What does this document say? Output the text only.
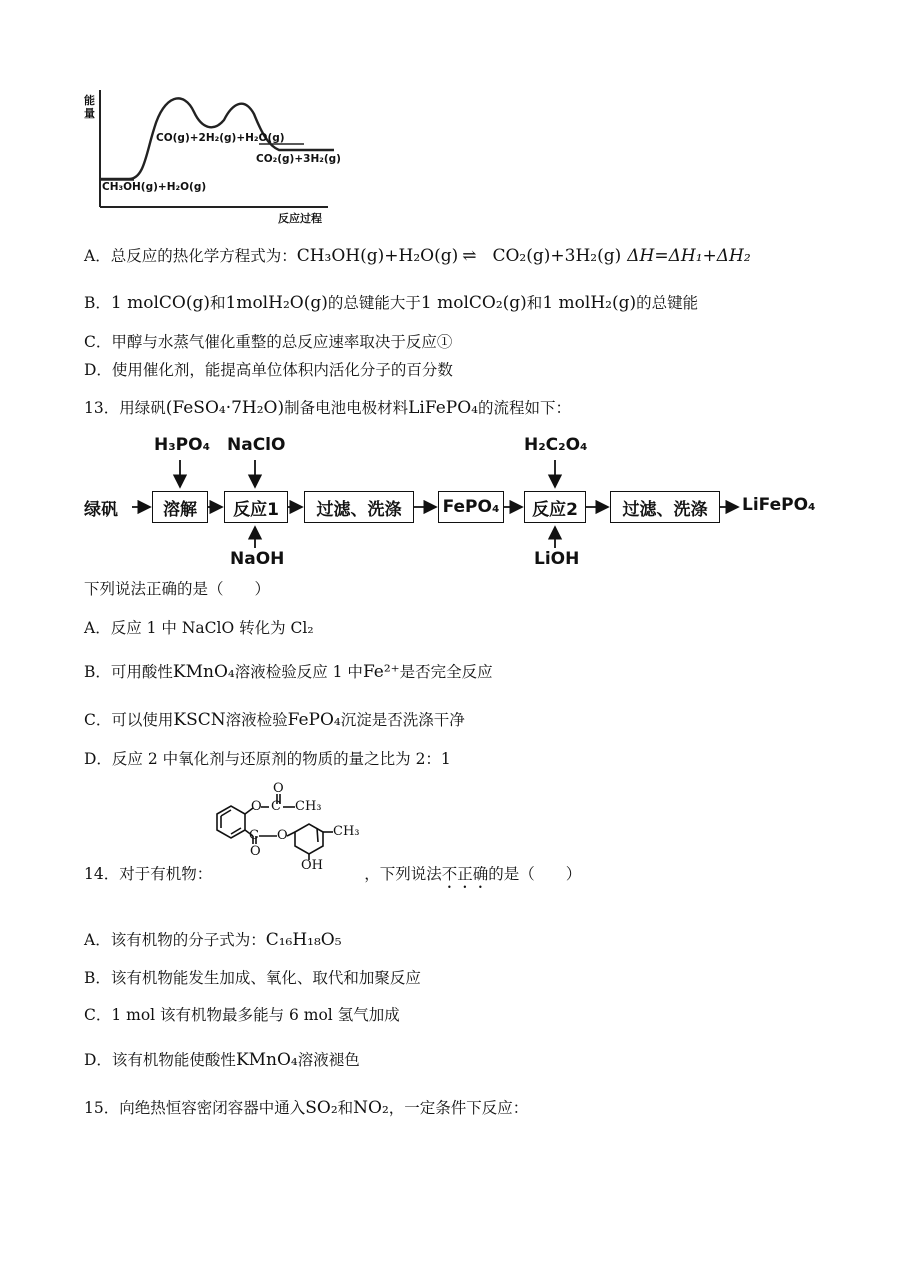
能
量
CO(g)+2H₂(g)+H₂O(g)
CO₂(g)+3H₂(g)
CH₃OH(g)+H₂O(g)
反应过程
A．总反应的热化学方程式为：CH₃OH(g)+H₂O(g) ⇌ CO₂(g)+3H₂(g) ΔH=ΔH₁+ΔH₂
B．1 molCO(g)和1molH₂O(g)的总键能大于1 molCO₂(g)和1 molH₂(g)的总键能
C．甲醇与水蒸气催化重整的总反应速率取决于反应①
D．使用催化剂，能提高单位体积内活化分子的百分数
13．用绿矾(FeSO₄·7H₂O)制备电池电极材料LiFePO₄的流程如下：
绿矾	溶解	反应1	过滤、洗涤	FePO₄	反应2	过滤、洗涤	LiFePO₄
H₃PO₄ NaClO
NaOH
H₂C₂O₄
LiOH
下列说法正确的是（　　）
A．反应 1 中 NaClO 转化为 Cl₂
B．可用酸性KMnO₄溶液检验反应 1 中Fe²⁺是否完全反应
C．可以使用KSCN溶液检验FePO₄沉淀是否洗涤干净
D．反应 2 中氧化剂与还原剂的物质的量之比为 2：1
O C
O
CH₃
C
O
O	CH₃
OH
14．对于有机物：	，下列说法不正确的是（　　）
A．该有机物的分子式为：C₁₆H₁₈O₅
B．该有机物能发生加成、氧化、取代和加聚反应
C．1 mol 该有机物最多能与 6 mol 氢气加成
D．该有机物能使酸性KMnO₄溶液褪色
15．向绝热恒容密闭容器中通入SO₂和NO₂，一定条件下反应：
